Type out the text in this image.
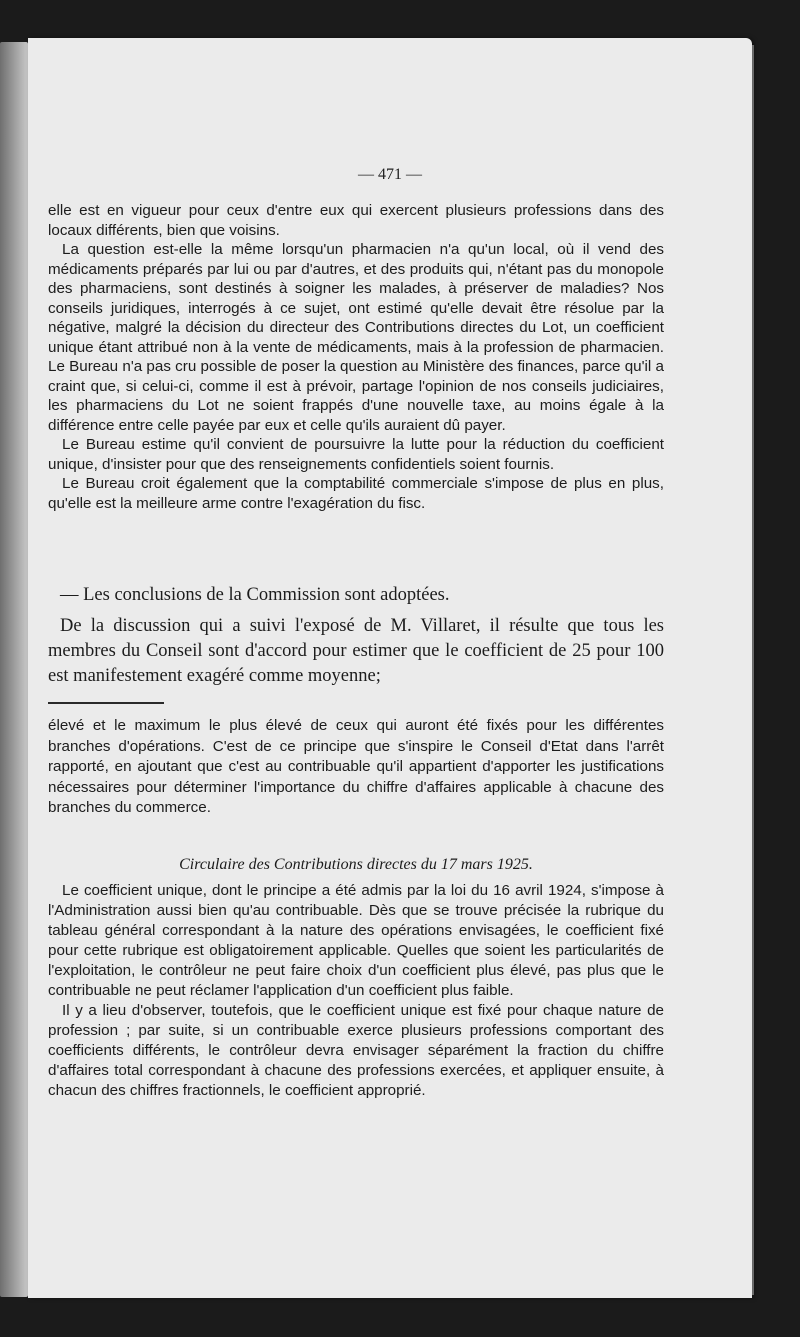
— 471 —

elle est en vigueur pour ceux d'entre eux qui exercent plusieurs professions dans des locaux différents, bien que voisins.

La question est-elle la même lorsqu'un pharmacien n'a qu'un local, où il vend des médicaments préparés par lui ou par d'autres, et des produits qui, n'étant pas du monopole des pharmaciens, sont destinés à soigner les malades, à préserver de maladies? Nos conseils juridiques, interrogés à ce sujet, ont estimé qu'elle devait être résolue par la négative, malgré la décision du directeur des Contributions directes du Lot, un coefficient unique étant attribué non à la vente de médicaments, mais à la profession de pharmacien. Le Bureau n'a pas cru possible de poser la question au Ministère des finances, parce qu'il a craint que, si celui-ci, comme il est à prévoir, partage l'opinion de nos conseils judiciaires, les pharmaciens du Lot ne soient frappés d'une nouvelle taxe, au moins égale à la différence entre celle payée par eux et celle qu'ils auraient dû payer.

Le Bureau estime qu'il convient de poursuivre la lutte pour la réduction du coefficient unique, d'insister pour que des renseignements confidentiels soient fournis.

Le Bureau croit également que la comptabilité commerciale s'impose de plus en plus, qu'elle est la meilleure arme contre l'exagération du fisc.

— Les conclusions de la Commission sont adoptées.

De la discussion qui a suivi l'exposé de M. Villaret, il résulte que tous les membres du Conseil sont d'accord pour estimer que le coefficient de 25 pour 100 est manifestement exagéré comme moyenne;

élevé et le maximum le plus élevé de ceux qui auront été fixés pour les différentes branches d'opérations. C'est de ce principe que s'inspire le Conseil d'Etat dans l'arrêt rapporté, en ajoutant que c'est au contribuable qu'il appartient d'apporter les justifications nécessaires pour déterminer l'importance du chiffre d'affaires applicable à chacune des branches du commerce.

Circulaire des Contributions directes du 17 mars 1925.

Le coefficient unique, dont le principe a été admis par la loi du 16 avril 1924, s'impose à l'Administration aussi bien qu'au contribuable. Dès que se trouve précisée la rubrique du tableau général correspondant à la nature des opérations envisagées, le coefficient fixé pour cette rubrique est obligatoirement applicable. Quelles que soient les particularités de l'exploitation, le contrôleur ne peut faire choix d'un coefficient plus élevé, pas plus que le contribuable ne peut réclamer l'application d'un coefficient plus faible.

Il y a lieu d'observer, toutefois, que le coefficient unique est fixé pour chaque nature de profession ; par suite, si un contribuable exerce plusieurs professions comportant des coefficients différents, le contrôleur devra envisager séparément la fraction du chiffre d'affaires total correspondant à chacune des professions exercées, et appliquer ensuite, à chacun des chiffres fractionnels, le coefficient approprié.
